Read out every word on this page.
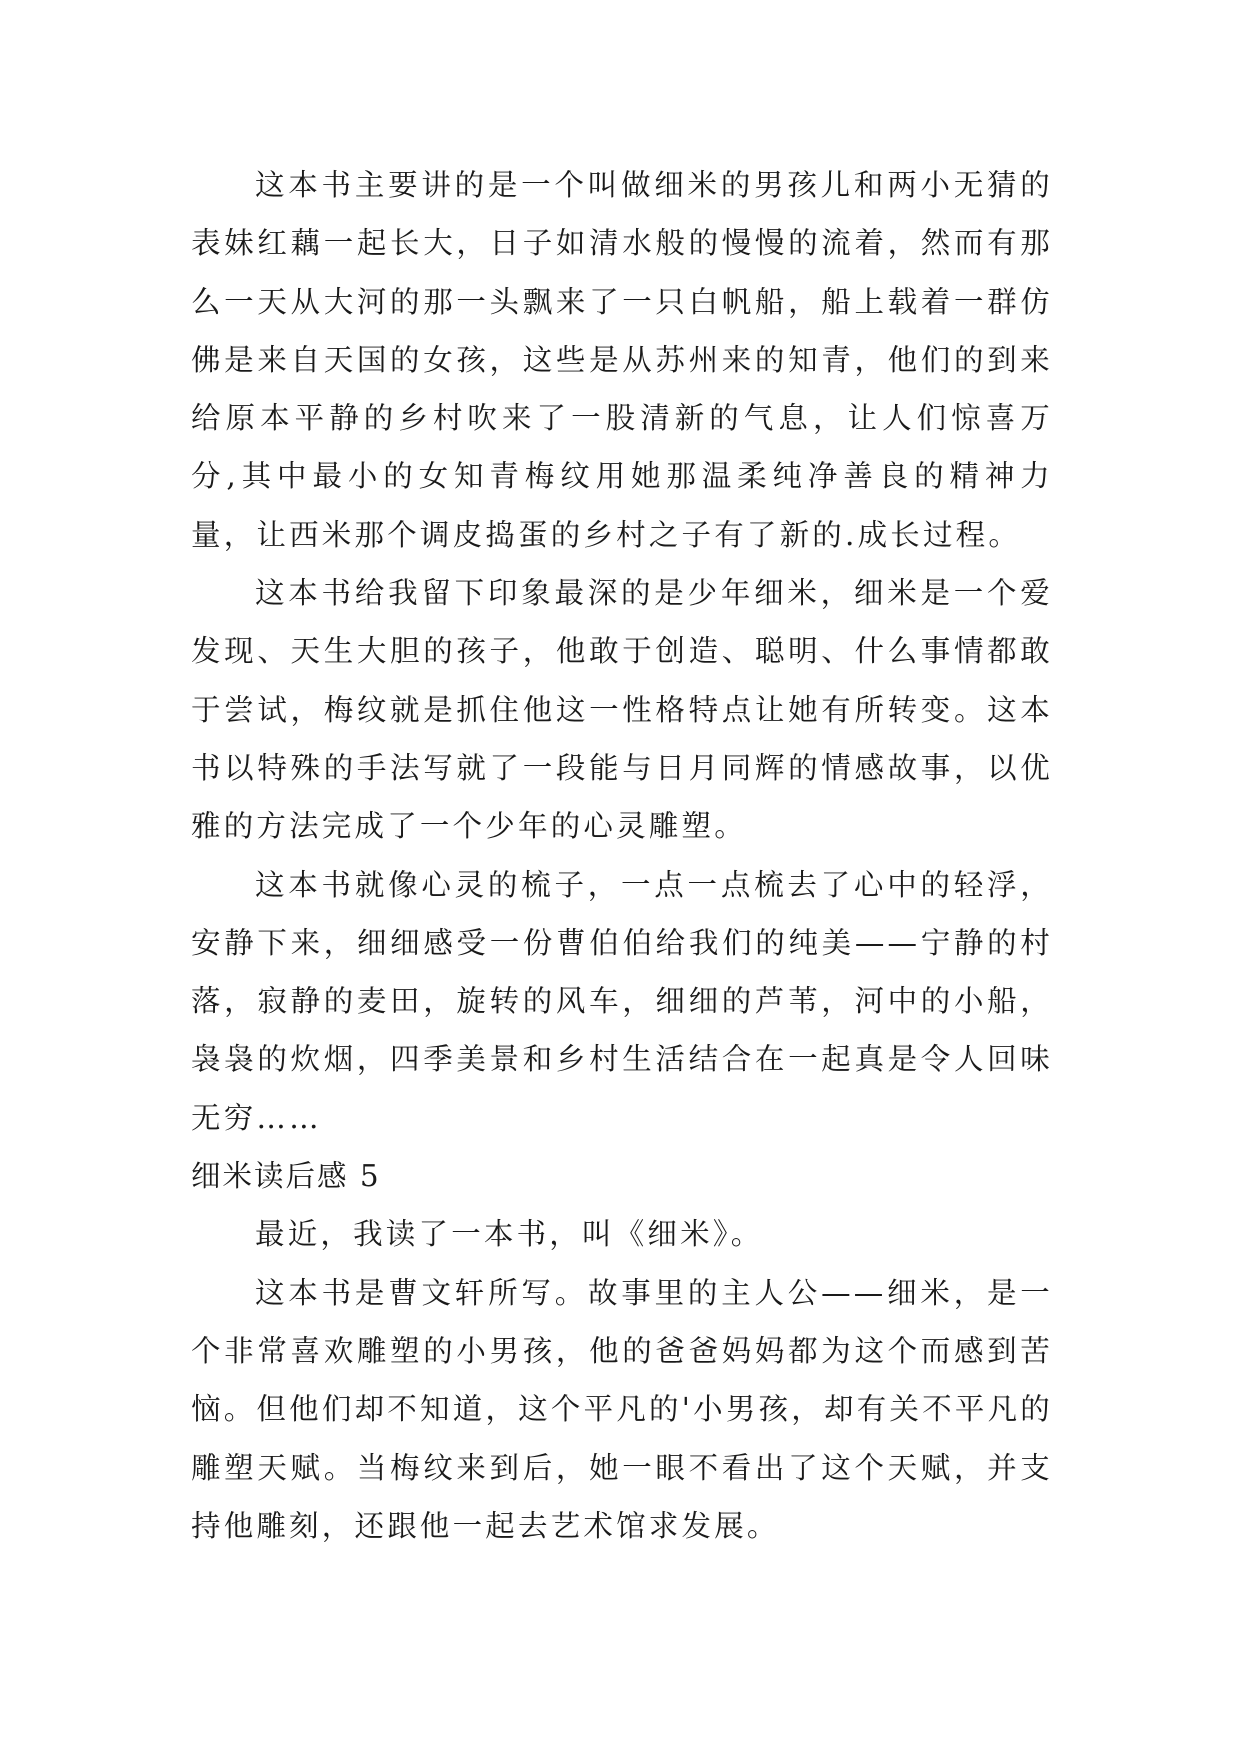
这本书主要讲的是一个叫做细米的男孩儿和两小无猜的表妹红藕一起长大，日子如清水般的慢慢的流着，然而有那么一天从大河的那一头飘来了一只白帆船，船上载着一群仿佛是来自天国的女孩，这些是从苏州来的知青，他们的到来给原本平静的乡村吹来了一股清新的气息，让人们惊喜万分,其中最小的女知青梅纹用她那温柔纯净善良的精神力量，让西米那个调皮捣蛋的乡村之子有了新的.成长过程。

这本书给我留下印象最深的是少年细米，细米是一个爱发现、天生大胆的孩子，他敢于创造、聪明、什么事情都敢于尝试，梅纹就是抓住他这一性格特点让她有所转变。这本书以特殊的手法写就了一段能与日月同辉的情感故事，以优雅的方法完成了一个少年的心灵雕塑。

这本书就像心灵的梳子，一点一点梳去了心中的轻浮，安静下来，细细感受一份曹伯伯给我们的纯美——宁静的村落，寂静的麦田，旋转的风车，细细的芦苇，河中的小船，袅袅的炊烟，四季美景和乡村生活结合在一起真是令人回味无穷……

细米读后感 5

最近，我读了一本书，叫《细米》。

这本书是曹文轩所写。故事里的主人公——细米，是一个非常喜欢雕塑的小男孩，他的爸爸妈妈都为这个而感到苦恼。但他们却不知道，这个平凡的'小男孩，却有关不平凡的雕塑天赋。当梅纹来到后，她一眼不看出了这个天赋，并支持他雕刻，还跟他一起去艺术馆求发展。
